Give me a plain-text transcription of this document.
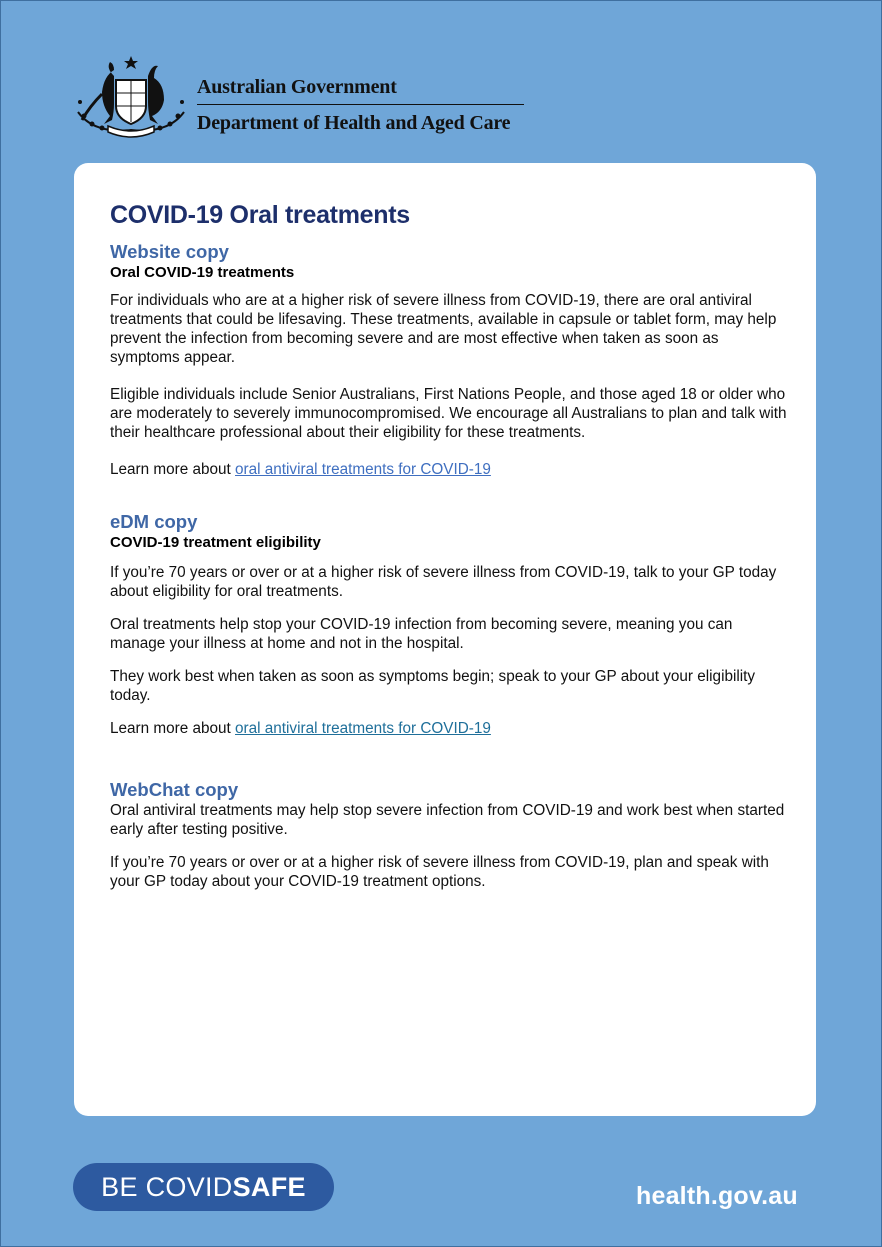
Australian Government
Department of Health and Aged Care
COVID-19 Oral treatments
Website copy
Oral COVID-19 treatments

For individuals who are at a higher risk of severe illness from COVID-19, there are oral antiviral treatments that could be lifesaving. These treatments, available in capsule or tablet form, may help prevent the infection from becoming severe and are most effective when taken as soon as symptoms appear.

Eligible individuals include Senior Australians, First Nations People, and those aged 18 or older who are moderately to severely immunocompromised. We encourage all Australians to plan and talk with their healthcare professional about their eligibility for these treatments.

Learn more about oral antiviral treatments for COVID-19

eDM copy
COVID-19 treatment eligibility

If you’re 70 years or over or at a higher risk of severe illness from COVID-19, talk to your GP today about eligibility for oral treatments.

Oral treatments help stop your COVID-19 infection from becoming severe, meaning you can manage your illness at home and not in the hospital.

They work best when taken as soon as symptoms begin; speak to your GP about your eligibility today.

Learn more about oral antiviral treatments for COVID-19

WebChat copy

Oral antiviral treatments may help stop severe infection from COVID-19 and work best when started early after testing positive.

If you’re 70 years or over or at a higher risk of severe illness from COVID-19, plan and speak with your GP today about your COVID-19 treatment options.

BE COVIDSAFE	health.gov.au
